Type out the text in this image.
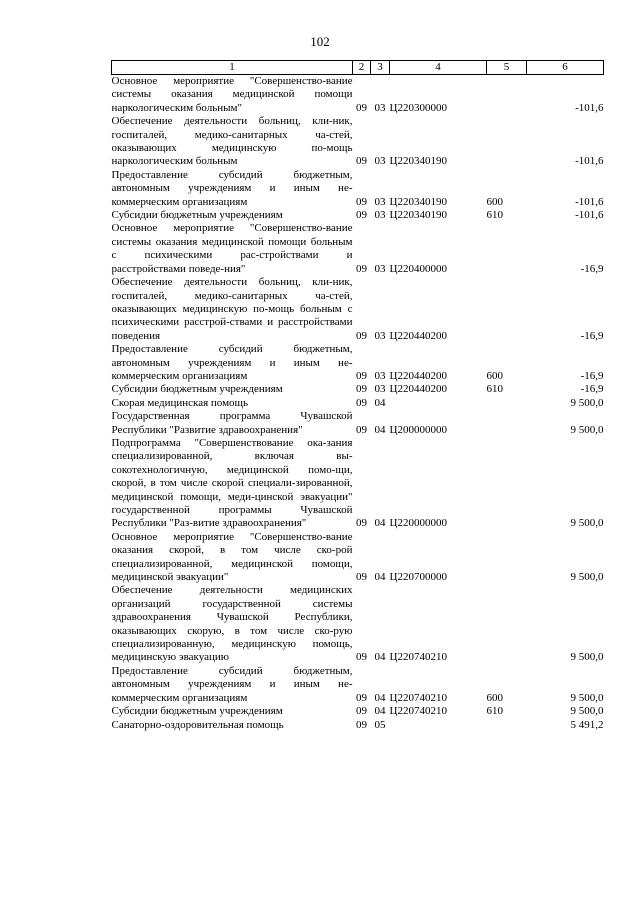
102
1	2	3	4	5	6
Основное мероприятие "Совершенство-вание системы оказания медицинской помощи наркологическим больным"	09	03	Ц220300000		-101,6
Обеспечение деятельности больниц, кли-ник, госпиталей, медико-санитарных ча-стей, оказывающих медицинскую по-мощь наркологическим больным	09	03	Ц220340190		-101,6
Предоставление субсидий бюджетным, автономным учреждениям и иным не-коммерческим организациям	09	03	Ц220340190	600	-101,6
Субсидии бюджетным учреждениям	09	03	Ц220340190	610	-101,6
Основное мероприятие "Совершенство-вание системы оказания медицинской помощи больным с психическими рас-стройствами и расстройствами поведе-ния"	09	03	Ц220400000		-16,9
Обеспечение деятельности больниц, кли-ник, госпиталей, медико-санитарных ча-стей, оказывающих медицинскую по-мощь больным с психическими расстрой-ствами и расстройствами поведения	09	03	Ц220440200		-16,9
Предоставление субсидий бюджетным, автономным учреждениям и иным не-коммерческим организациям	09	03	Ц220440200	600	-16,9
Субсидии бюджетным учреждениям	09	03	Ц220440200	610	-16,9
Скорая медицинская помощь	09	04			9 500,0
Государственная программа Чувашской Республики "Развитие здравоохранения"	09	04	Ц200000000		9 500,0
Подпрограмма "Совершенствование ока-зания специализированной, включая вы-сокотехнологичную, медицинской помо-щи, скорой, в том числе скорой специали-зированной, медицинской помощи, меди-цинской эвакуации" государственной программы Чувашской Республики "Раз-витие здравоохранения"	09	04	Ц220000000		9 500,0
Основное мероприятие "Совершенство-вание оказания скорой, в том числе ско-рой специализированной, медицинской помощи, медицинской эвакуации"	09	04	Ц220700000		9 500,0
Обеспечение деятельности медицинских организаций государственной системы здравоохранения Чувашской Республики, оказывающих скорую, в том числе ско-рую специализированную, медицинскую помощь, медицинскую эвакуацию	09	04	Ц220740210		9 500,0
Предоставление субсидий бюджетным, автономным учреждениям и иным не-коммерческим организациям	09	04	Ц220740210	600	9 500,0
Субсидии бюджетным учреждениям	09	04	Ц220740210	610	9 500,0
Санаторно-оздоровительная помощь	09	05			5 491,2
